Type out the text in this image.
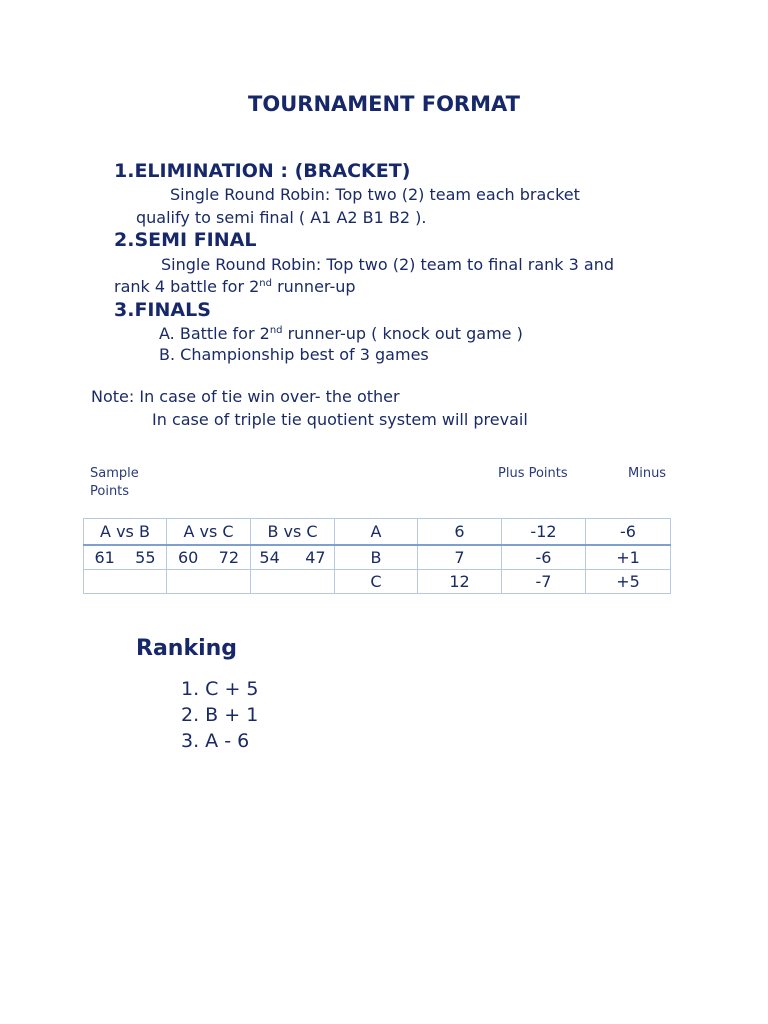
TOURNAMENT FORMAT
1.ELIMINATION : (BRACKET)
Single Round Robin: Top two (2) team each bracket
qualify to semi final ( A1 A2 B1 B2 ).
2.SEMI FINAL
Single Round Robin: Top two (2) team to final rank 3 and
rank 4 battle for 2nd runner-up
3.FINALS
A. Battle for 2nd runner-up ( knock out game )
B. Championship best of 3 games
Note: In case of tie win over- the other
In case of triple tie quotient system will prevail
Sample
Points
Plus Points	Minus
A vs B	A vs C	B vs C	A	6	-12	-6
61    55	60    72	54     47	B	7	-6	+1
			C	12	-7	+5
Ranking
1. C + 5
2. B + 1
3. A - 6
